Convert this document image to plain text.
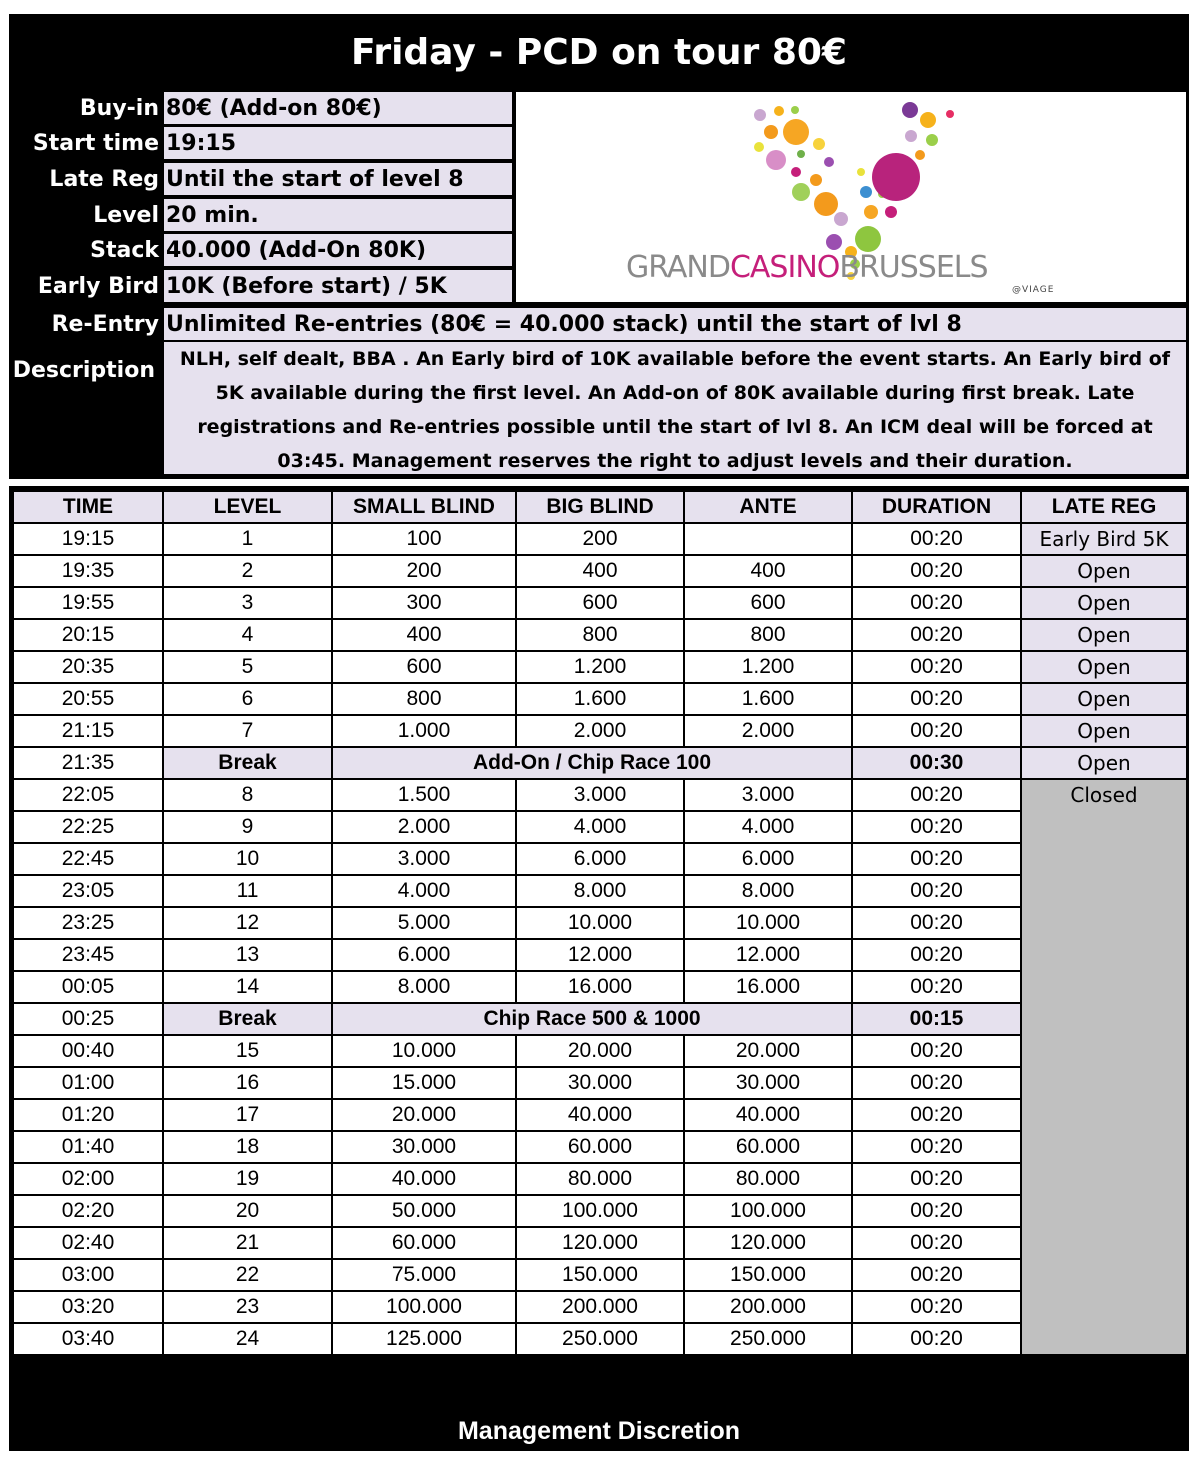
Friday - PCD on tour 80€
Buy-in 80€ (Add-on 80€)
Start time 19:15
Late Reg Until the start of level 8
Level 20 min.
Stack 40.000 (Add-On 80K)
Early Bird 10K (Before start) / 5K
Re-Entry Unlimited Re-entries (80€ = 40.000 stack) until the start of lvl 8
Description	NLH, self dealt, BBA . An Early bird of 10K available before the event starts. An Early bird of 5K available during the first level. An Add-on of 80K available during first break. Late registrations and Re-entries possible until the start of lvl 8. An ICM deal will be forced at 03:45. Management reserves the right to adjust levels and their duration.
GRANDCASINOBRUSSELS
@VIAGE
TIME	LEVEL	SMALL BLIND	BIG BLIND	ANTE	DURATION	LATE REG
19:15	1	100	200		00:20	Early Bird 5K
19:35	2	200	400	400	00:20	Open
19:55	3	300	600	600	00:20	Open
20:15	4	400	800	800	00:20	Open
20:35	5	600	1.200	1.200	00:20	Open
20:55	6	800	1.600	1.600	00:20	Open
21:15	7	1.000	2.000	2.000	00:20	Open
21:35	Break	Add-On / Chip Race 100			00:30	Open
22:05	8	1.500	3.000	3.000	00:20	Closed
22:25	9	2.000	4.000	4.000	00:20	
22:45	10	3.000	6.000	6.000	00:20	
23:05	11	4.000	8.000	8.000	00:20	
23:25	12	5.000	10.000	10.000	00:20	
23:45	13	6.000	12.000	12.000	00:20	
00:05	14	8.000	16.000	16.000	00:20	
00:25	Break	Chip Race 500 & 1000			00:15	
00:40	15	10.000	20.000	20.000	00:20	
01:00	16	15.000	30.000	30.000	00:20	
01:20	17	20.000	40.000	40.000	00:20	
01:40	18	30.000	60.000	60.000	00:20	
02:00	19	40.000	80.000	80.000	00:20	
02:20	20	50.000	100.000	100.000	00:20	
02:40	21	60.000	120.000	120.000	00:20	
03:00	22	75.000	150.000	150.000	00:20	
03:20	23	100.000	200.000	200.000	00:20	
03:40	24	125.000	250.000	250.000	00:20	
Management Discretion
